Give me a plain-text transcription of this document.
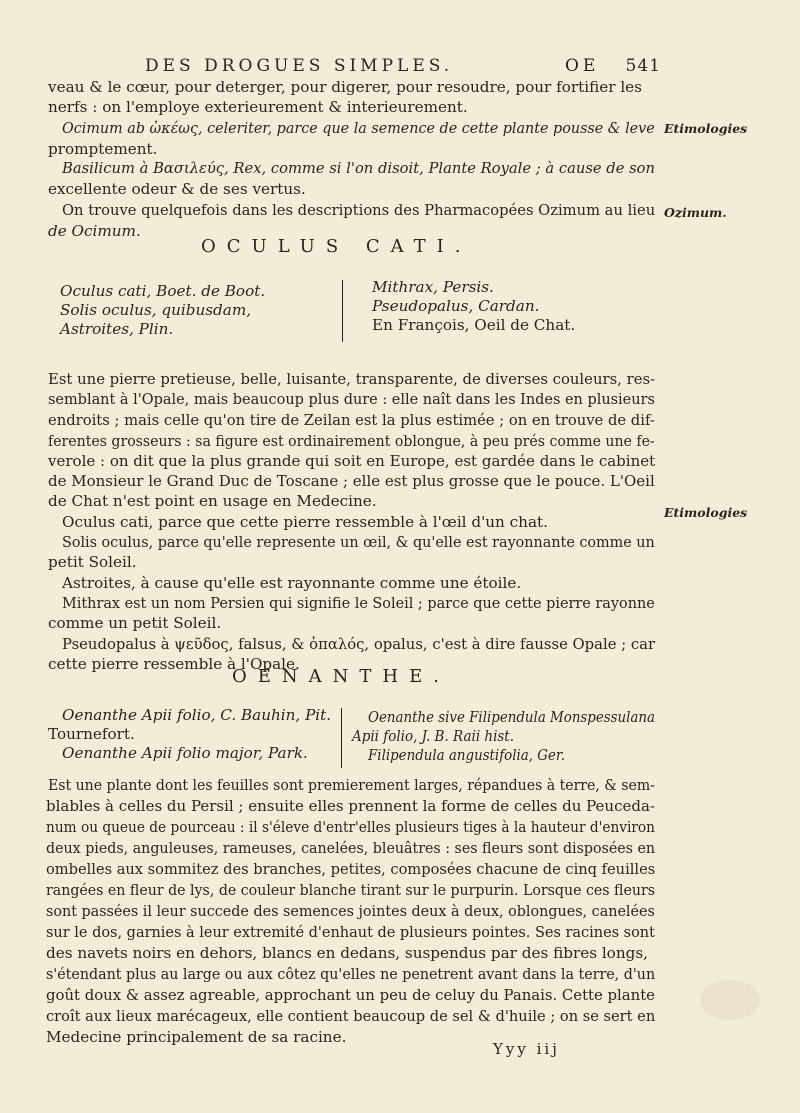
DES DROGUES SIMPLES.	OE 541
veau & le cœur, pour deterger, pour digerer, pour resoudre, pour fortifier les
nerfs : on l'employe exterieurement & interieurement.
Ocimum ab ὠκέως, celeriter, parce que la semence de cette plante pousse & leve
promptement.
Basilicum à Βασιλεύς, Rex, comme si l'on disoit, Plante Royale ; à cause de son
excellente odeur & de ses vertus.
On trouve quelquefois dans les descriptions des Pharmacopées Ozimum au lieu
de Ocimum.
Etimologies
Ozimum.
OCULUS CATI.
Oculus cati, Boet. de Boot.
Solis oculus, quibusdam,
Astroites, Plin.
Mithrax, Persis.
Pseudopalus, Cardan.
En François, Oeil de Chat.
Est une pierre pretieuse, belle, luisante, transparente, de diverses couleurs, res-
semblant à l'Opale, mais beaucoup plus dure : elle naît dans les Indes en plusieurs
endroits ; mais celle qu'on tire de Zeilan est la plus estimée ; on en trouve de dif-
ferentes grosseurs : sa figure est ordinairement oblongue, à peu prés comme une fe-
verole : on dit que la plus grande qui soit en Europe, est gardée dans le cabinet
de Monsieur le Grand Duc de Toscane ; elle est plus grosse que le pouce. L'Oeil
de Chat n'est point en usage en Medecine.
Oculus cati, parce que cette pierre ressemble à l'œil d'un chat.
Solis oculus, parce qu'elle represente un œil, & qu'elle est rayonnante comme un
petit Soleil.
Astroites, à cause qu'elle est rayonnante comme une étoile.
Mithrax est un nom Persien qui signifie le Soleil ; parce que cette pierre rayonne
comme un petit Soleil.
Pseudopalus à ψεῦδος, falsus, & ὀπαλός, opalus, c'est à dire fausse Opale ; car
cette pierre ressemble à l'Opale.
Etimologies
OENANTHE.
Oenanthe Apii folio, C. Bauhin, Pit.
Tournefort.
Oenanthe Apii folio major, Park.
Oenanthe sive Filipendula Monspessulana
Apii folio, J. B. Raii hist.
Filipendula angustifolia, Ger.
Est une plante dont les feuilles sont premierement larges, répandues à terre, & sem-
blables à celles du Persil ; ensuite elles prennent la forme de celles du Peuceda-
num ou queue de pourceau : il s'éleve d'entr'elles plusieurs tiges à la hauteur d'environ
deux pieds, anguleuses, rameuses, canelées, bleuâtres : ses fleurs sont disposées en
ombelles aux sommitez des branches, petites, composées chacune de cinq feuilles
rangées en fleur de lys, de couleur blanche tirant sur le purpurin. Lorsque ces fleurs
sont passées il leur succede des semences jointes deux à deux, oblongues, canelées
sur le dos, garnies à leur extremité d'enhaut de plusieurs pointes. Ses racines sont
des navets noirs en dehors, blancs en dedans, suspendus par des fibres longs,
s'étendant plus au large ou aux côtez qu'elles ne penetrent avant dans la terre, d'un
goût doux & assez agreable, approchant un peu de celuy du Panais. Cette plante
croît aux lieux marécageux, elle contient beaucoup de sel & d'huile ; on se sert en
Medecine principalement de sa racine.
Yyy iij
